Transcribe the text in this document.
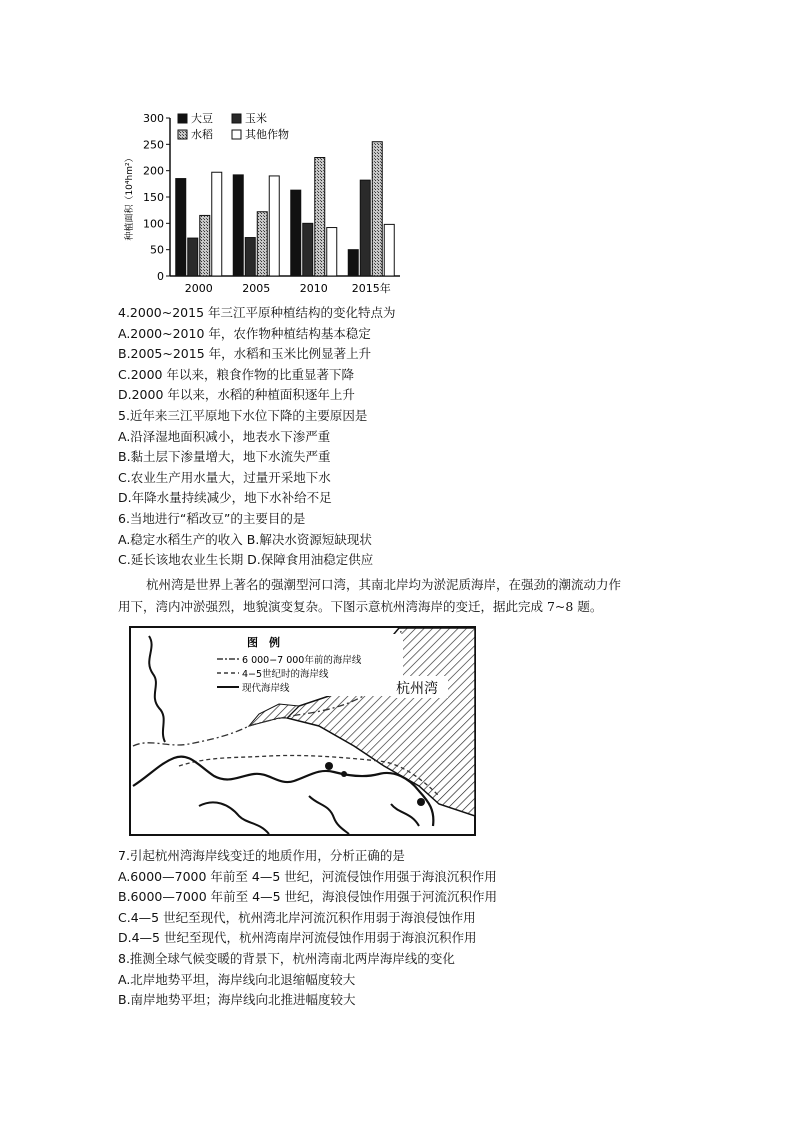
0
50
100
150
200
250
300
种植面积（10⁴hm²）
2000	2005	2010 2015年
大豆	玉米
水稻	其他作物
4.2000~2015 年三江平原种植结构的变化特点为
A.2000~2010 年，农作物种植结构基本稳定
B.2005~2015 年，水稻和玉米比例显著上升
C.2000 年以来，粮食作物的比重显著下降
D.2000 年以来，水稻的种植面积逐年上升
5.近年来三江平原地下水位下降的主要原因是
A.沿泽湿地面积减小，地表水下渗严重
B.黏土层下渗量增大，地下水流失严重
C.农业生产用水量大，过量开采地下水
D.年降水量持续减少，地下水补给不足
6.当地进行“稻改豆”的主要目的是
A.稳定水稻生产的收入 B.解决水资源短缺现状
C.延长该地农业生长期 D.保障食用油稳定供应
杭州湾是世界上著名的强潮型河口湾，其南北岸均为淤泥质海岸，在强劲的潮流动力作
用下，湾内冲淤强烈，地貌演变复杂。下图示意杭州湾海岸的变迁，据此完成 7~8 题。
图　例
6 000−7 000年前的海岸线
4−5世纪时的海岸线
现代海岸线	杭州湾
7.引起杭州湾海岸线变迁的地质作用，分析正确的是
A.6000—7000 年前至 4—5 世纪，河流侵蚀作用强于海浪沉积作用
B.6000—7000 年前至 4—5 世纪，海浪侵蚀作用强于河流沉积作用
C.4—5 世纪至现代，杭州湾北岸河流沉积作用弱于海浪侵蚀作用
D.4—5 世纪至现代，杭州湾南岸河流侵蚀作用弱于海浪沉积作用
8.推测全球气候变暖的背景下，杭州湾南北两岸海岸线的变化
A.北岸地势平坦，海岸线向北退缩幅度较大
B.南岸地势平坦；海岸线向北推进幅度较大
